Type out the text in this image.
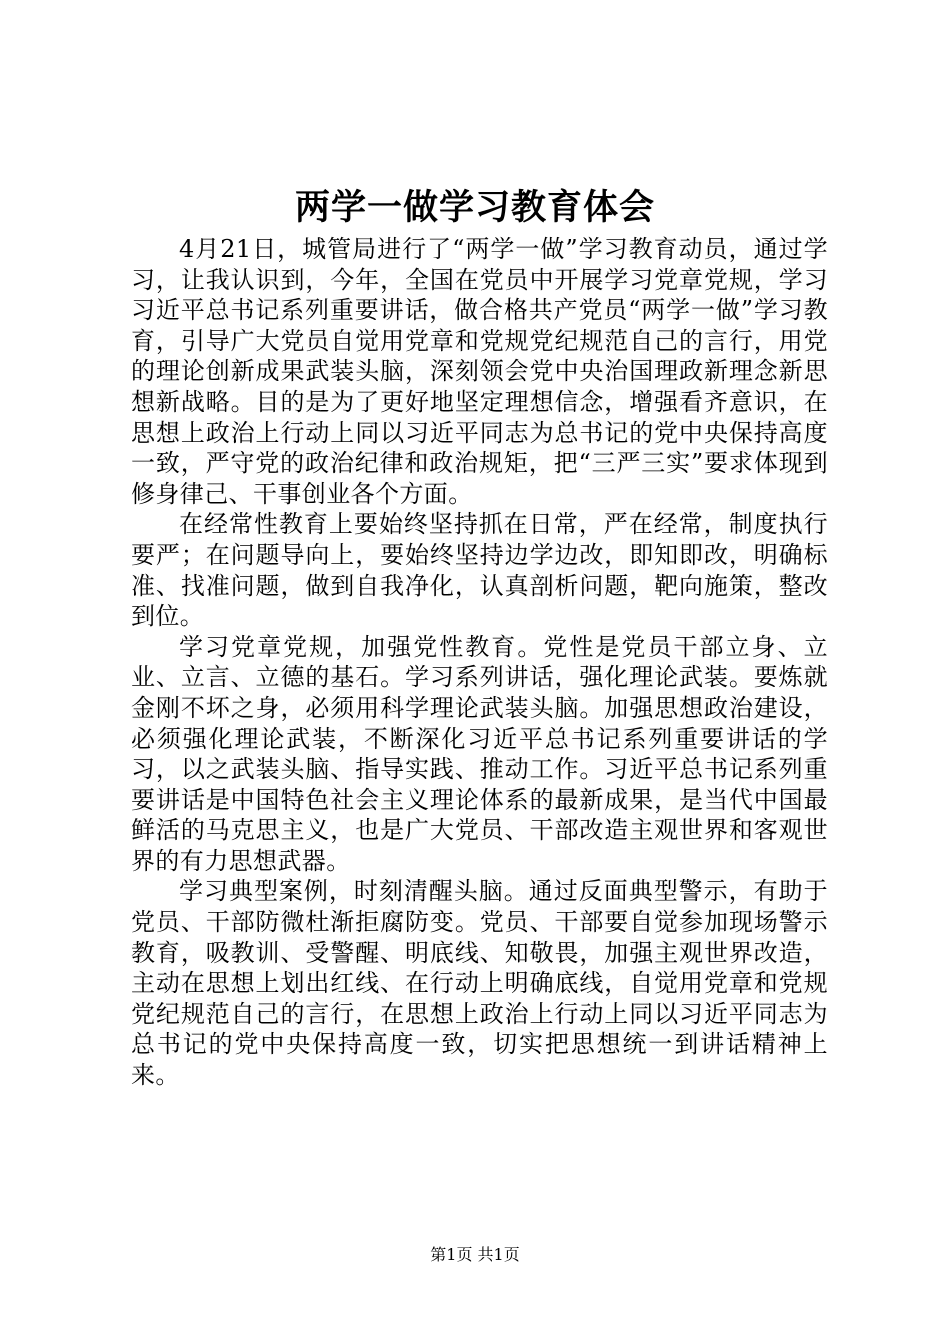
两学一做学习教育体会

4月21日，城管局进行了“两学一做”学习教育动员，通过学习，让我认识到，今年，全国在党员中开展学习党章党规，学习习近平总书记系列重要讲话，做合格共产党员“两学一做”学习教育，引导广大党员自觉用党章和党规党纪规范自己的言行，用党的理论创新成果武装头脑，深刻领会党中央治国理政新理念新思想新战略。目的是为了更好地坚定理想信念，增强看齐意识，在思想上政治上行动上同以习近平同志为总书记的党中央保持高度一致，严守党的政治纪律和政治规矩，把“三严三实”要求体现到修身律己、干事创业各个方面。

在经常性教育上要始终坚持抓在日常，严在经常，制度执行要严；在问题导向上，要始终坚持边学边改，即知即改，明确标准、找准问题，做到自我净化，认真剖析问题，靶向施策，整改到位。

学习党章党规，加强党性教育。党性是党员干部立身、立业、立言、立德的基石。学习系列讲话，强化理论武装。要炼就金刚不坏之身，必须用科学理论武装头脑。加强思想政治建设，必须强化理论武装，不断深化习近平总书记系列重要讲话的学习，以之武装头脑、指导实践、推动工作。习近平总书记系列重要讲话是中国特色社会主义理论体系的最新成果，是当代中国最鲜活的马克思主义，也是广大党员、干部改造主观世界和客观世界的有力思想武器。

学习典型案例，时刻清醒头脑。通过反面典型警示，有助于党员、干部防微杜渐拒腐防变。党员、干部要自觉参加现场警示教育，吸教训、受警醒、明底线、知敬畏，加强主观世界改造，主动在思想上划出红线、在行动上明确底线，自觉用党章和党规党纪规范自己的言行，在思想上政治上行动上同以习近平同志为总书记的党中央保持高度一致，切实把思想统一到讲话精神上来。

第1页 共1页
